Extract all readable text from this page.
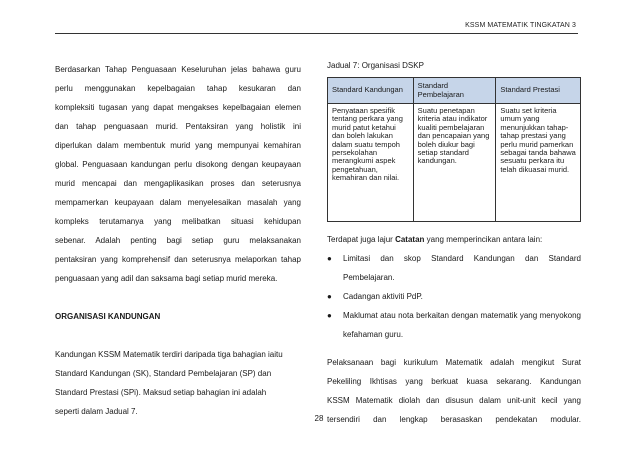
KSSM MATEMATIK TINGKATAN 3

Berdasarkan Tahap Penguasaan Keseluruhan jelas bahawa guru

perlu menggunakan kepelbagaian tahap kesukaran dan

kompleksiti tugasan yang dapat mengakses kepelbagaian elemen

dan tahap penguasaan murid. Pentaksiran yang holistik ini

diperlukan dalam membentuk murid yang mempunyai kemahiran

global. Penguasaan kandungan perlu disokong dengan keupayaan

murid mencapai dan mengaplikasikan proses dan seterusnya

mempamerkan keupayaan dalam menyelesaikan masalah yang

kompleks terutamanya yang melibatkan situasi kehidupan

sebenar. Adalah penting bagi setiap guru melaksanakan

pentaksiran yang komprehensif dan seterusnya melaporkan tahap

penguasaan yang adil dan saksama bagi setiap murid mereka.

ORGANISASI KANDUNGAN

Kandungan KSSM Matematik terdiri daripada tiga bahagian iaitu

Standard Kandungan (SK), Standard Pembelajaran (SP) dan

Standard Prestasi (SPi). Maksud setiap bahagian ini adalah

seperti dalam Jadual 7.

Jadual 7: Organisasi DSKP
Standard Kandungan	Standard Pembelajaran	Standard Prestasi
Penyataan spesifik tentang perkara yang murid patut ketahui dan boleh lakukan dalam suatu tempoh persekolahan merangkumi aspek pengetahuan, kemahiran dan nilai.	Suatu penetapan kriteria atau indikator kualiti pembelajaran dan pencapaian yang boleh diukur bagi setiap standard kandungan.	Suatu set kriteria umum yang menunjukkan tahap-tahap prestasi yang perlu murid pamerkan sebagai tanda bahawa sesuatu perkara itu telah dikuasai murid.

Terdapat juga lajur Catatan yang memperincikan antara lain:

● Limitasi dan skop Standard Kandungan dan Standard Pembelajaran.
● Cadangan aktiviti PdP.
● Maklumat atau nota berkaitan dengan matematik yang menyokong kefahaman guru.
Pelaksanaan bagi kurikulum Matematik adalah mengikut Surat
Pekeliling Ikhtisas yang berkuat kuasa sekarang. Kandungan
KSSM Matematik diolah dan disusun dalam unit-unit kecil yang
tersendiri dan lengkap berasaskan pendekatan modular.
28
